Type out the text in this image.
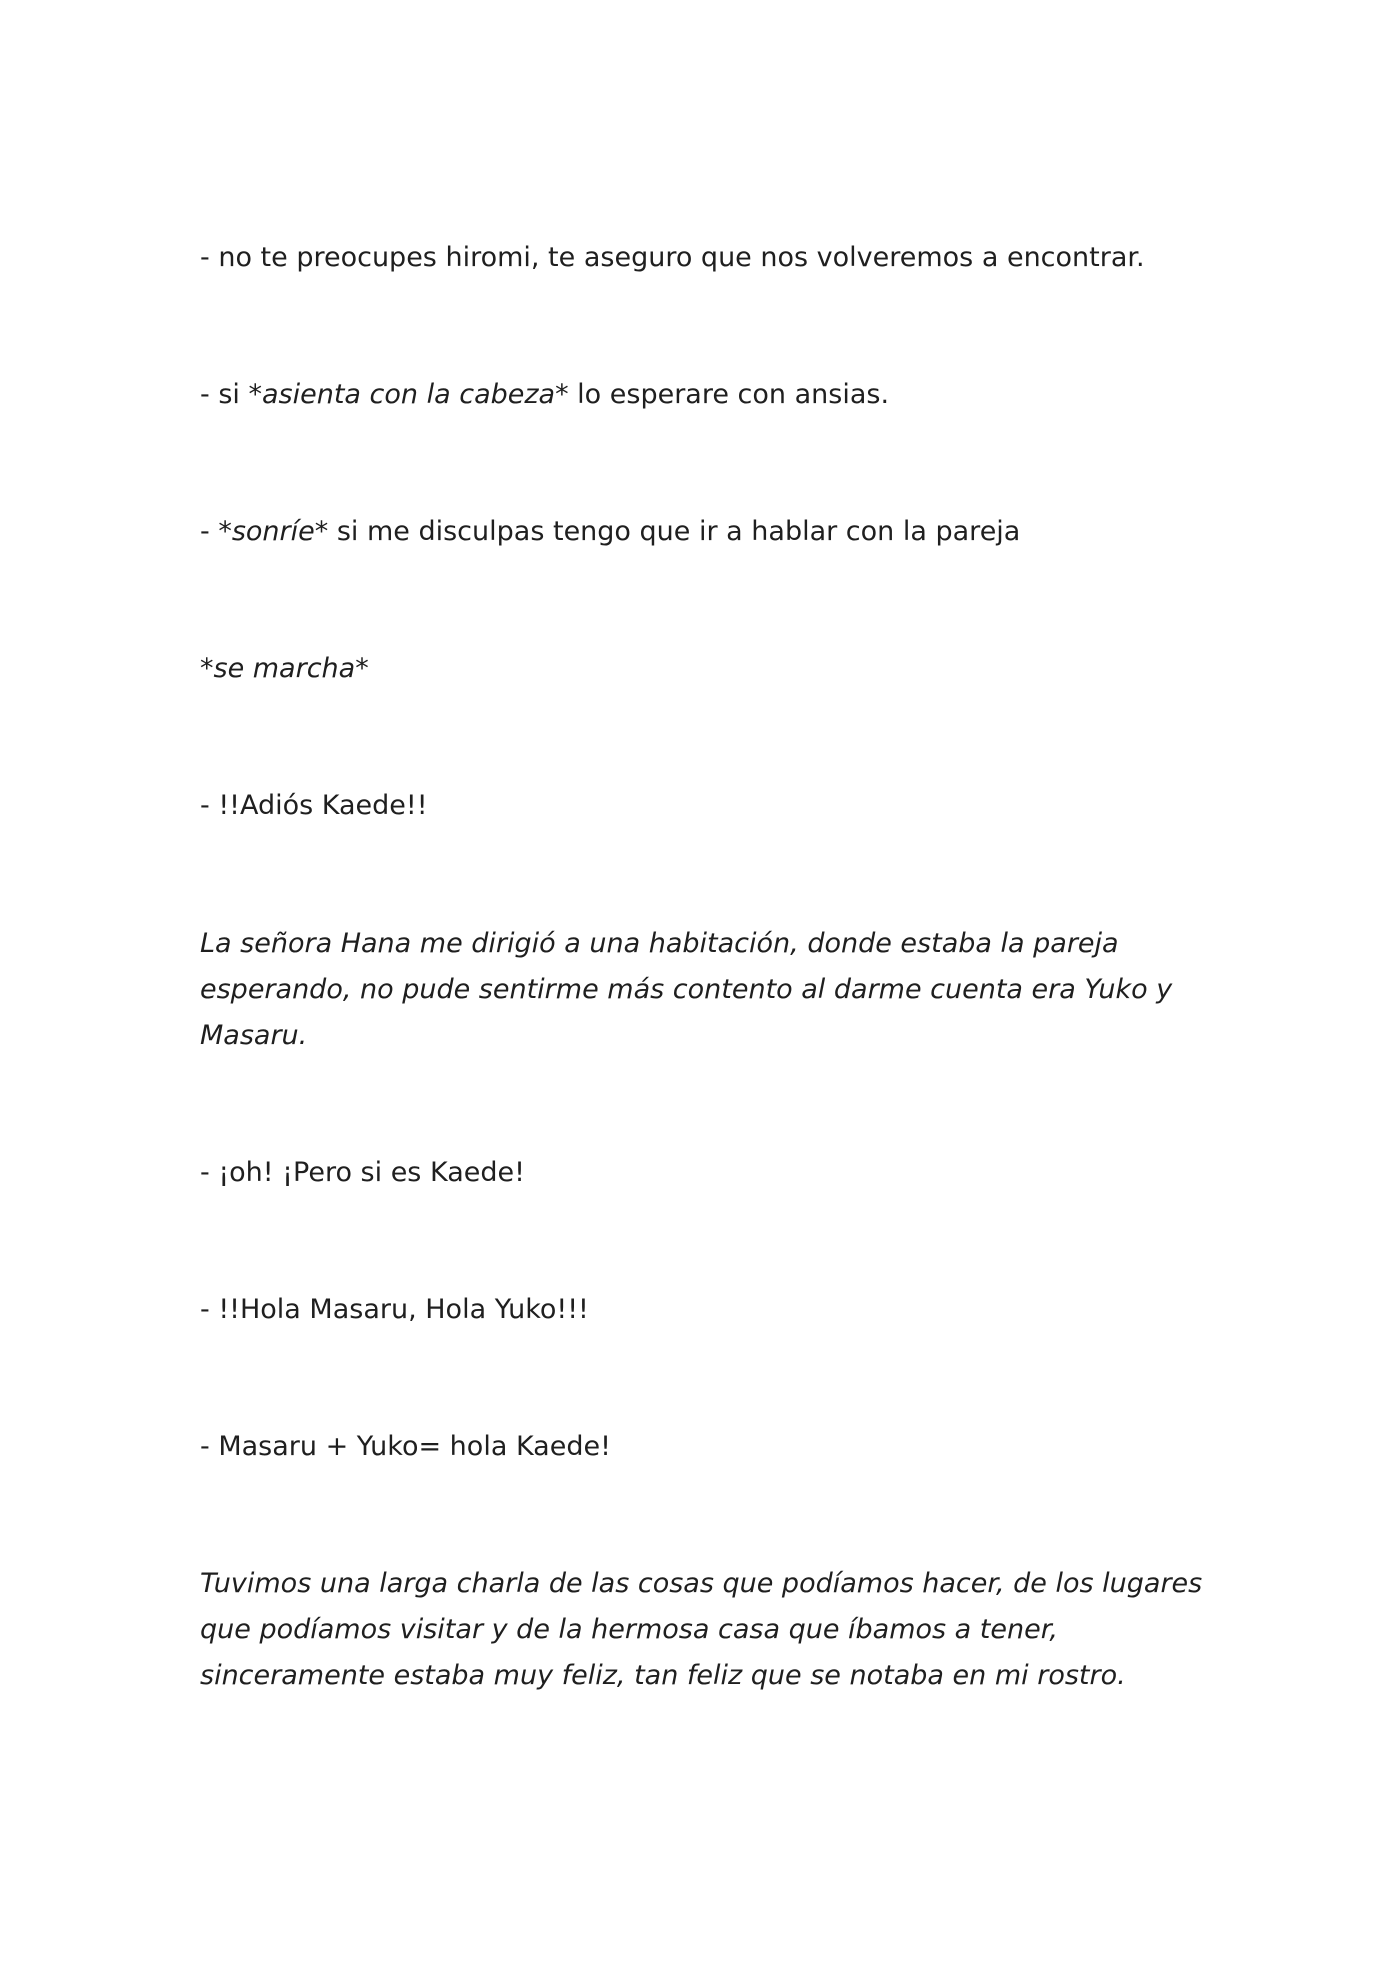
- no te preocupes hiromi, te aseguro que nos volveremos a encontrar.

- si *asienta con la cabeza* lo esperare con ansias.

- *sonríe* si me disculpas tengo que ir a hablar con la pareja

*se marcha*

- !!Adiós Kaede!!

La señora Hana me dirigió a una habitación, donde estaba la pareja esperando, no pude sentirme más contento al darme cuenta era Yuko y Masaru.

- ¡oh! ¡Pero si es Kaede!

- !!Hola Masaru, Hola Yuko!!!

- Masaru + Yuko= hola Kaede!

Tuvimos una larga charla de las cosas que podíamos hacer, de los lugares que podíamos visitar y de la hermosa casa que íbamos a tener, sinceramente estaba muy feliz, tan feliz que se notaba en mi rostro.
